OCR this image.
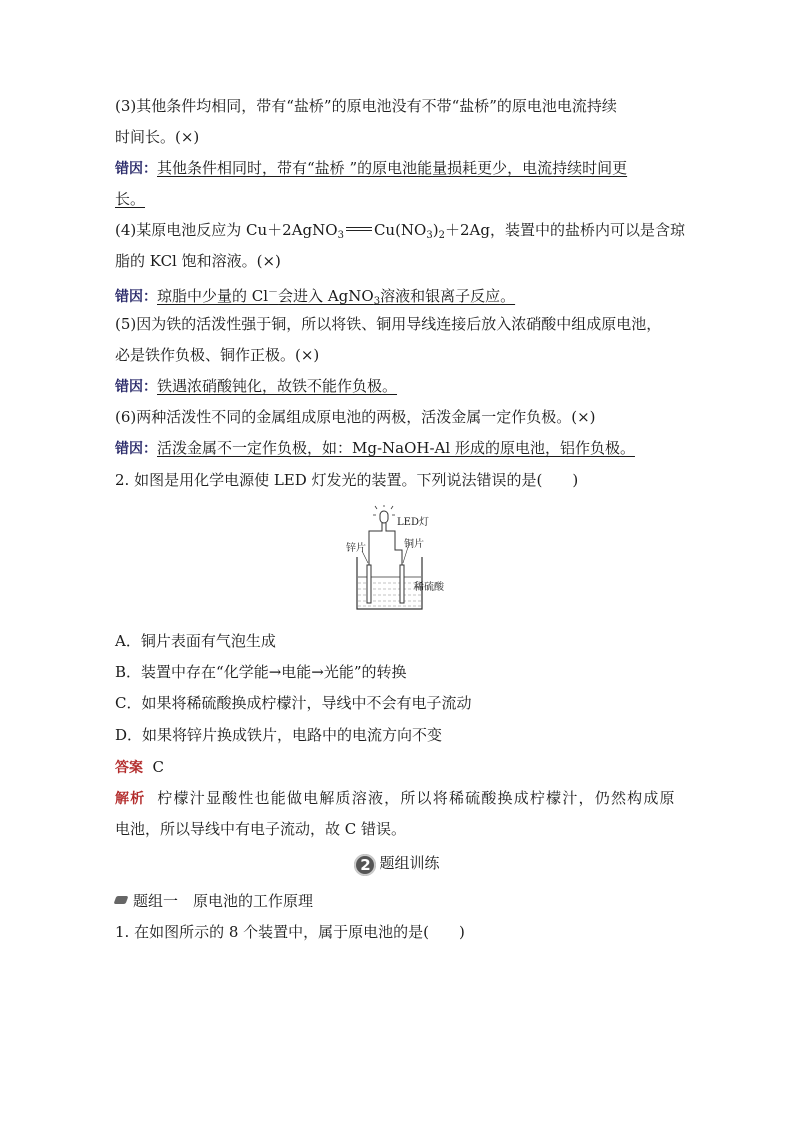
(3)其他条件均相同，带有“盐桥”的原电池没有不带“盐桥”的原电池电流持续
时间长。(×)
错因：其他条件相同时，带有“盐桥 ”的原电池能量损耗更少，电流持续时间更
长。
(4)某原电池反应为 Cu＋2AgNO$_3$ $Cu(NO_3)_2+2Ag$，装置中的盐桥内可以是含琼
脂的 KCl 饱和溶液。(×)
错因：琼脂中少量的 Cl－会进入 AgNO$_3$溶液和银离子反应。
(5)因为铁的活泼性强于铜，所以将铁、铜用导线连接后放入浓硝酸中组成原电池，
必是铁作负极、铜作正极。(×)
错因：铁遇浓硝酸钝化，故铁不能作负极。
(6)两种活泼性不同的金属组成原电池的两极，活泼金属一定作负极。(×)
错因：活泼金属不一定作负极，如：Mg-NaOH-Al 形成的原电池，铝作负极。
2. 如图是用化学电源使 LED 灯发光的装置。下列说法错误的是(　　)
LED灯
锌片	铜片
稀硫酸
A．铜片表面有气泡生成
B．装置中存在“化学能→电能→光能”的转换
C．如果将稀硫酸换成柠檬汁，导线中不会有电子流动
D．如果将锌片换成铁片，电路中的电流方向不变
答案 C
解析 柠檬汁显酸性也能做电解质溶液，所以将稀硫酸换成柠檬汁，仍然构成原
电池，所以导线中有电子流动，故 C 错误。
2 题组训练
题组一　原电池的工作原理
1. 在如图所示的 8 个装置中，属于原电池的是(　　)
